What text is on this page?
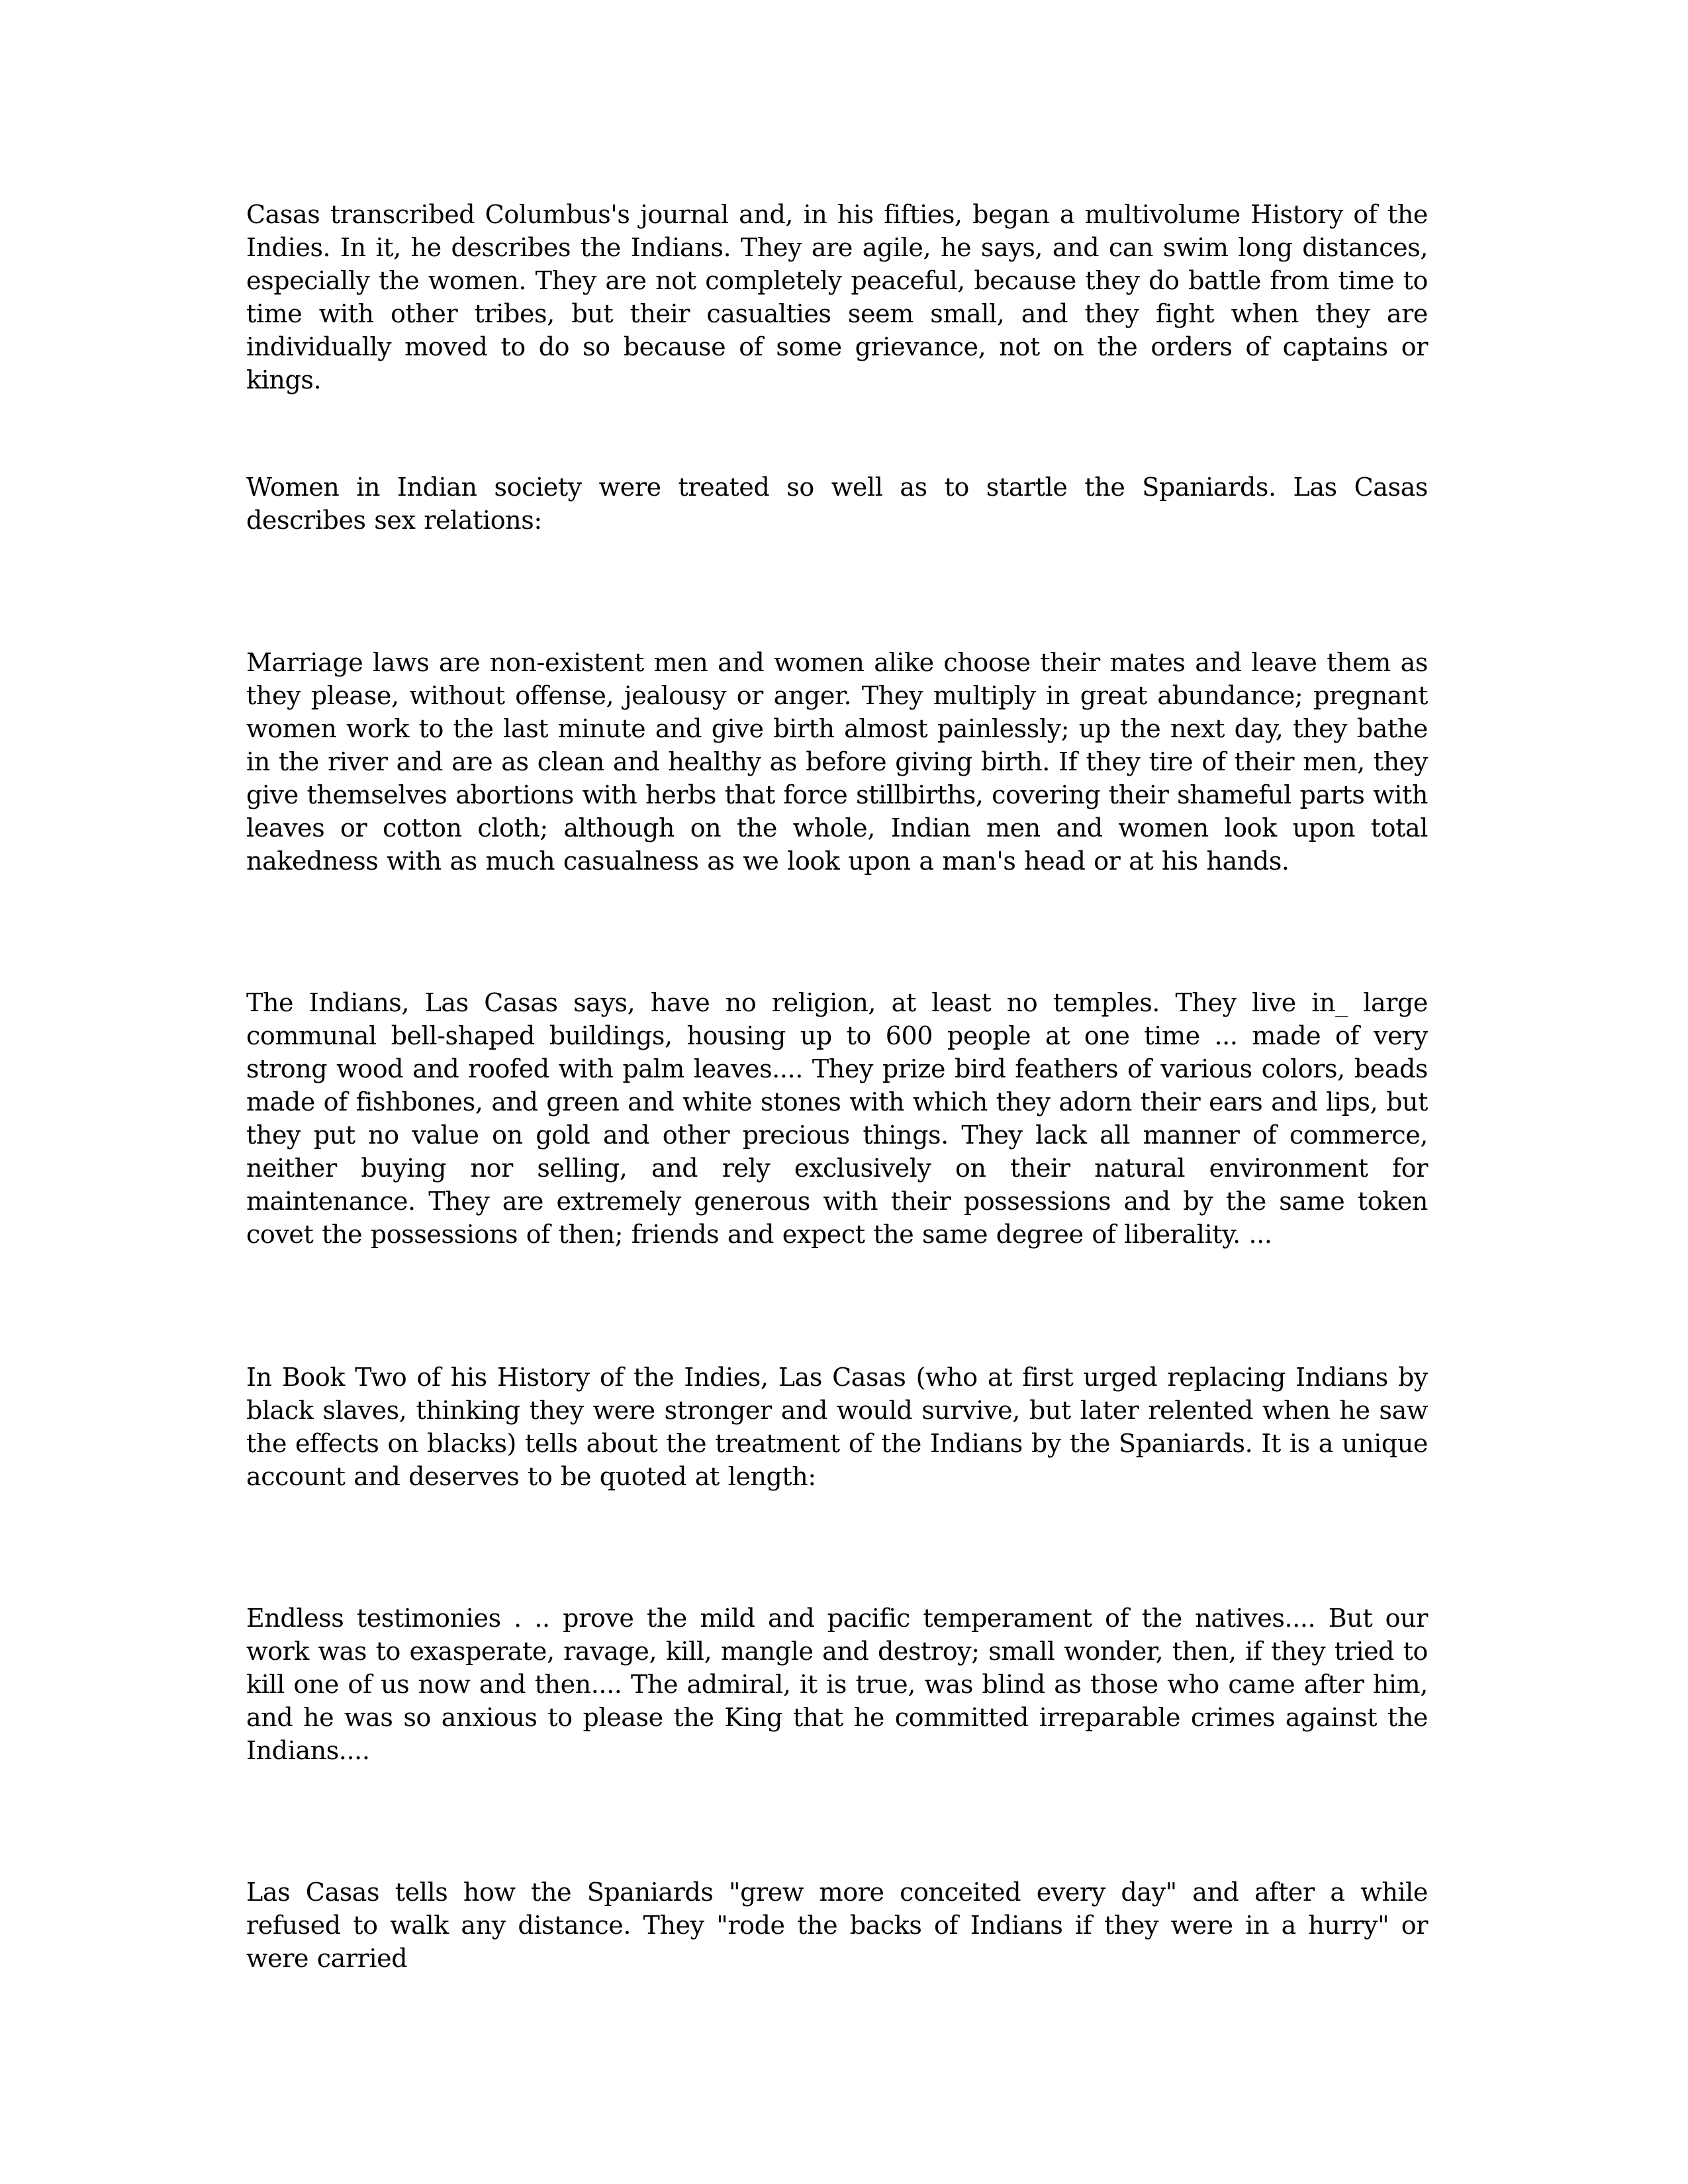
Casas transcribed Columbus's journal and, in his fifties, began a multivolume History of the Indies. In it, he describes the Indians. They are agile, he says, and can swim long distances, especially the women. They are not completely peaceful, because they do battle from time to time with other tribes, but their casualties seem small, and they fight when they are individually moved to do so because of some grievance, not on the orders of captains or kings.

Women in Indian society were treated so well as to startle the Spaniards. Las Casas describes sex relations:

Marriage laws are non-existent men and women alike choose their mates and leave them as they please, without offense, jealousy or anger. They multiply in great abundance; pregnant women work to the last minute and give birth almost painlessly; up the next day, they bathe in the river and are as clean and healthy as before giving birth. If they tire of their men, they give themselves abortions with herbs that force stillbirths, covering their shameful parts with leaves or cotton cloth; although on the whole, Indian men and women look upon total nakedness with as much casualness as we look upon a man's head or at his hands.

The Indians, Las Casas says, have no religion, at least no temples. They live in_ large communal bell-shaped buildings, housing up to 600 people at one time ... made of very strong wood and roofed with palm leaves.... They prize bird feathers of various colors, beads made of fishbones, and green and white stones with which they adorn their ears and lips, but they put no value on gold and other precious things. They lack all manner of commerce, neither buying nor selling, and rely exclusively on their natural environment for maintenance. They are extremely generous with their possessions and by the same token covet the possessions of then; friends and expect the same degree of liberality. ...

In Book Two of his History of the Indies, Las Casas (who at first urged replacing Indians by black slaves, thinking they were stronger and would survive, but later relented when he saw the effects on blacks) tells about the treatment of the Indians by the Spaniards. It is a unique account and deserves to be quoted at length:

Endless testimonies . .. prove the mild and pacific temperament of the natives.... But our work was to exasperate, ravage, kill, mangle and destroy; small wonder, then, if they tried to kill one of us now and then.... The admiral, it is true, was blind as those who came after him, and he was so anxious to please the King that he committed irreparable crimes against the Indians....

Las Casas tells how the Spaniards "grew more conceited every day" and after a while refused to walk any distance. They "rode the backs of Indians if they were in a hurry" or were carried
